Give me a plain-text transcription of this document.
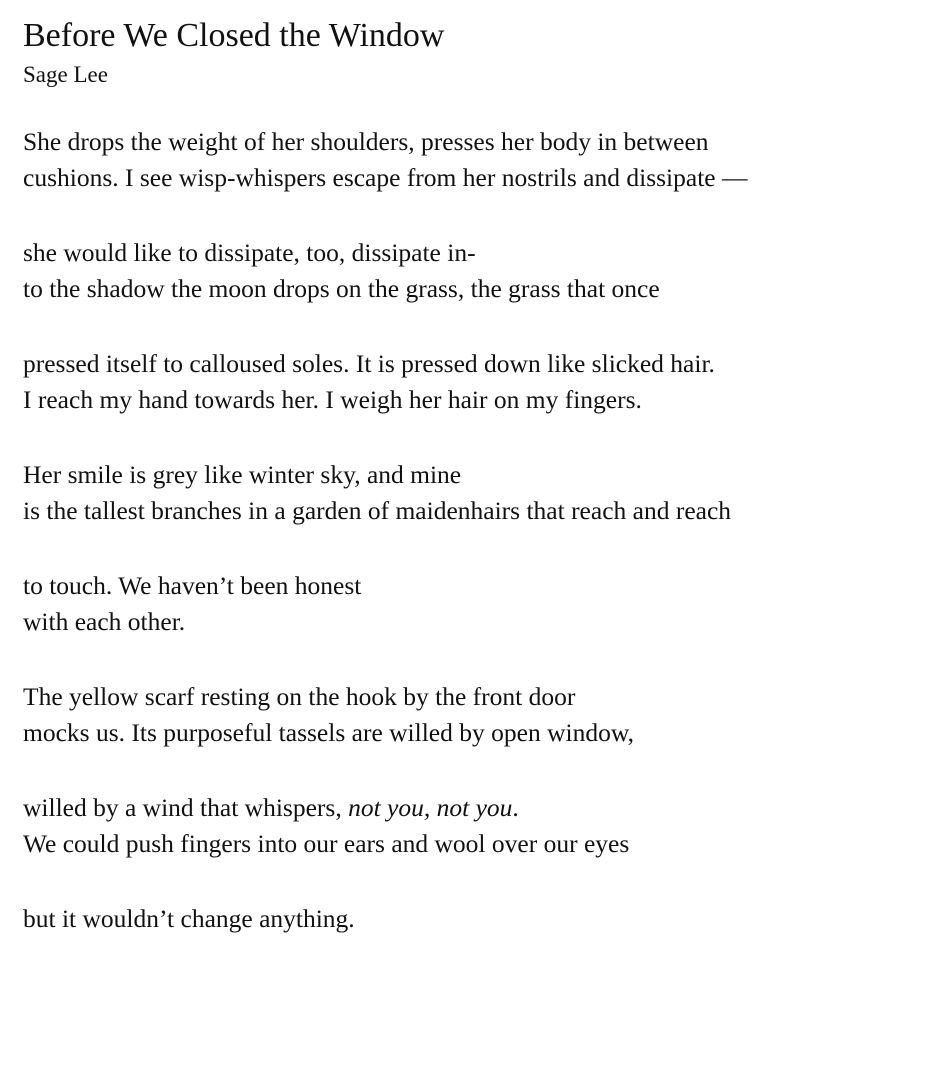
Before We Closed the Window
Sage Lee
She drops the weight of her shoulders, presses her body in between
cushions. I see wisp-whispers escape from her nostrils and dissipate —
she would like to dissipate, too, dissipate in-
to the shadow the moon drops on the grass, the grass that once
pressed itself to calloused soles. It is pressed down like slicked hair.
I reach my hand towards her. I weigh her hair on my fingers.
Her smile is grey like winter sky, and mine
is the tallest branches in a garden of maidenhairs that reach and reach
to touch. We haven’t been honest
with each other.
The yellow scarf resting on the hook by the front door
mocks us. Its purposeful tassels are willed by open window,
willed by a wind that whispers, not you, not you.
We could push fingers into our ears and wool over our eyes
but it wouldn’t change anything.
